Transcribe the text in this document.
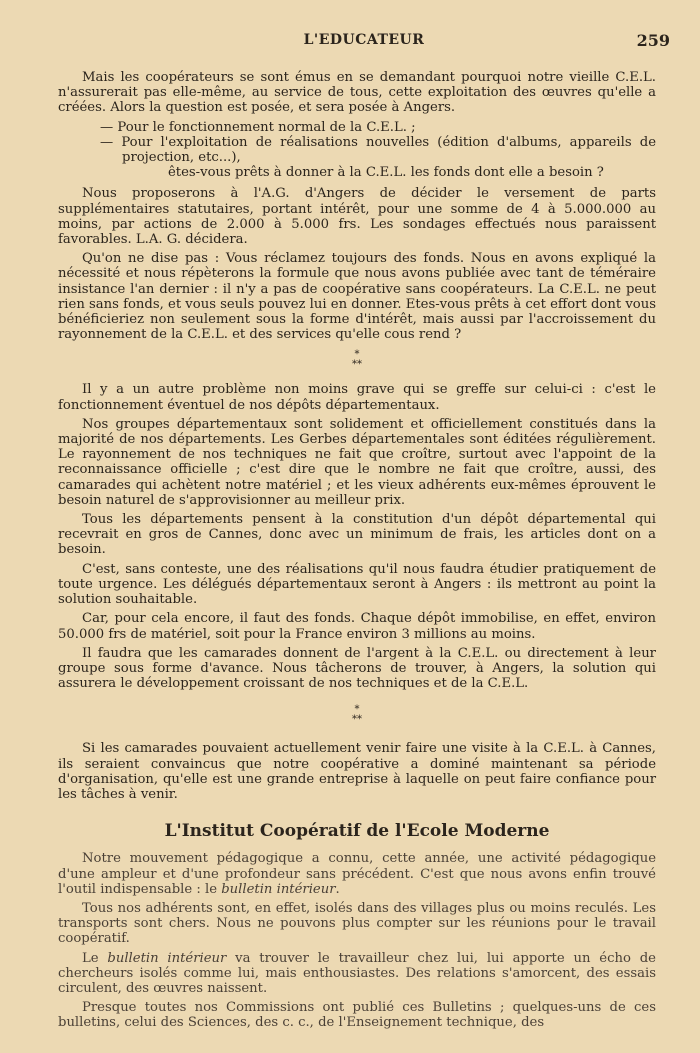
L'EDUCATEUR	259

Mais les coopérateurs se sont émus en se demandant pourquoi notre vieille C.E.L. n'assurerait pas elle-même, au service de tous, cette exploitation des œuvres qu'elle a créées. Alors la question est posée, et sera posée à Angers.

— Pour le fonctionnement normal de la C.E.L. ;

— Pour l'exploitation de réalisations nouvelles (édition d'albums, appareils de projection, etc...),

êtes-vous prêts à donner à la C.E.L. les fonds dont elle a besoin ?

Nous proposerons à l'A.G. d'Angers de décider le versement de parts supplémentaires statutaires, portant intérêt, pour une somme de 4 à 5.000.000 au moins, par actions de 2.000 à 5.000 frs. Les sondages effectués nous paraissent favorables. L.A. G. décidera.

Qu'on ne dise pas : Vous réclamez toujours des fonds. Nous en avons expliqué la nécessité et nous répèterons la formule que nous avons publiée avec tant de téméraire insistance l'an dernier : il n'y a pas de coopérative sans coopérateurs. La C.E.L. ne peut rien sans fonds, et vous seuls pouvez lui en donner. Etes-vous prêts à cet effort dont vous bénéficieriez non seulement sous la forme d'intérêt, mais aussi par l'accroissement du rayonnement de la C.E.L. et des services qu'elle cous rend ?

*
**

Il y a un autre problème non moins grave qui se greffe sur celui-ci : c'est le fonctionnement éventuel de nos dépôts départementaux.

Nos groupes départementaux sont solidement et officiellement constitués dans la majorité de nos départements. Les Gerbes départementales sont éditées régulièrement. Le rayonnement de nos techniques ne fait que croître, surtout avec l'appoint de la reconnaissance officielle ; c'est dire que le nombre ne fait que croître, aussi, des camarades qui achètent notre matériel ; et les vieux adhérents eux-mêmes éprouvent le besoin naturel de s'approvisionner au meilleur prix.

Tous les départements pensent à la constitution d'un dépôt départemental qui recevrait en gros de Cannes, donc avec un minimum de frais, les articles dont on a besoin.

C'est, sans conteste, une des réalisations qu'il nous faudra étudier pratiquement de toute urgence. Les délégués départementaux seront à Angers : ils mettront au point la solution souhaitable.

Car, pour cela encore, il faut des fonds. Chaque dépôt immobilise, en effet, environ 50.000 frs de matériel, soit pour la France environ 3 millions au moins.

Il faudra que les camarades donnent de l'argent à la C.E.L. ou directement à leur groupe sous forme d'avance. Nous tâcherons de trouver, à Angers, la solution qui assurera le développement croissant de nos techniques et de la C.E.L.

*
**

Si les camarades pouvaient actuellement venir faire une visite à la C.E.L. à Cannes, ils seraient convaincus que notre coopérative a dominé maintenant sa période d'organisation, qu'elle est une grande entreprise à laquelle on peut faire confiance pour les tâches à venir.

L'Institut Coopératif de l'Ecole Moderne

Notre mouvement pédagogique a connu, cette année, une activité pédagogique d'une ampleur et d'une profondeur sans précédent. C'est que nous avons enfin trouvé l'outil indispensable : le bulletin intérieur.

Tous nos adhérents sont, en effet, isolés dans des villages plus ou moins reculés. Les transports sont chers. Nous ne pouvons plus compter sur les réunions pour le travail coopératif.

Le bulletin intérieur va trouver le travailleur chez lui, lui apporte un écho de chercheurs isolés comme lui, mais enthousiastes. Des relations s'amorcent, des essais circulent, des œuvres naissent.

Presque toutes nos Commissions ont publié ces Bulletins ; quelques-uns de ces bulletins, celui des Sciences, des c. c., de l'Enseignement technique, des
